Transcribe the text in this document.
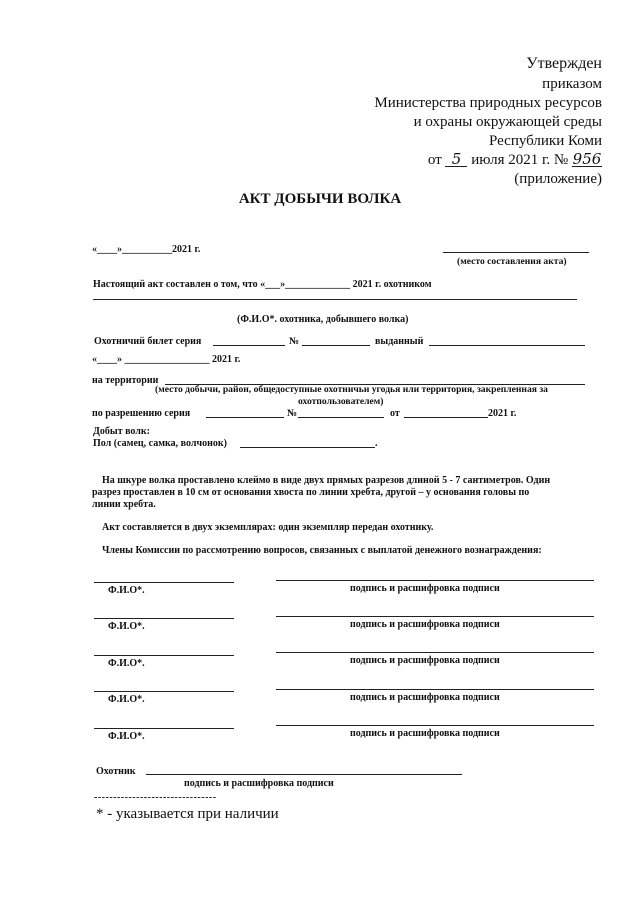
Утвержден
приказом
Министерства природных ресурсов
и охраны окружающей среды
Республики Коми
от 5 июля 2021 г. № 956
(приложение)
АКТ ДОБЫЧИ ВОЛКА
«____»__________2021 г.
(место составления акта)
Настоящий акт составлен о том, что «___»_____________ 2021 г. охотником
(Ф.И.О*. охотника, добывшего волка)
Охотничий билет серия	№	выданный
«____» _________________ 2021 г.
на территории
(место добычи, район, общедоступные охотничьи угодья или территория, закрепленная за
охотпользователем)
по разрешению серия	№	от	2021 г.
Добыт волк:
Пол (самец, самка, волчонок)	.
На шкуре волка проставлено клеймо в виде двух прямых разрезов длиной 5 - 7 сантиметров. Один
разрез проставлен в 10 см от основания хвоста по линии хребта, другой – у основания головы по
линии хребта.
Акт составляется в двух экземплярах: один экземпляр передан охотнику.
Члены Комиссии по рассмотрению вопросов, связанных с выплатой денежного вознаграждения:
Ф.И.О*.	подпись и расшифровка подписи
Ф.И.О*.	подпись и расшифровка подписи
Ф.И.О*.	подпись и расшифровка подписи
Ф.И.О*.	подпись и расшифровка подписи
Ф.И.О*.	подпись и расшифровка подписи
Охотник
подпись и расшифровка подписи
--------------------------------
* - указывается при наличии
